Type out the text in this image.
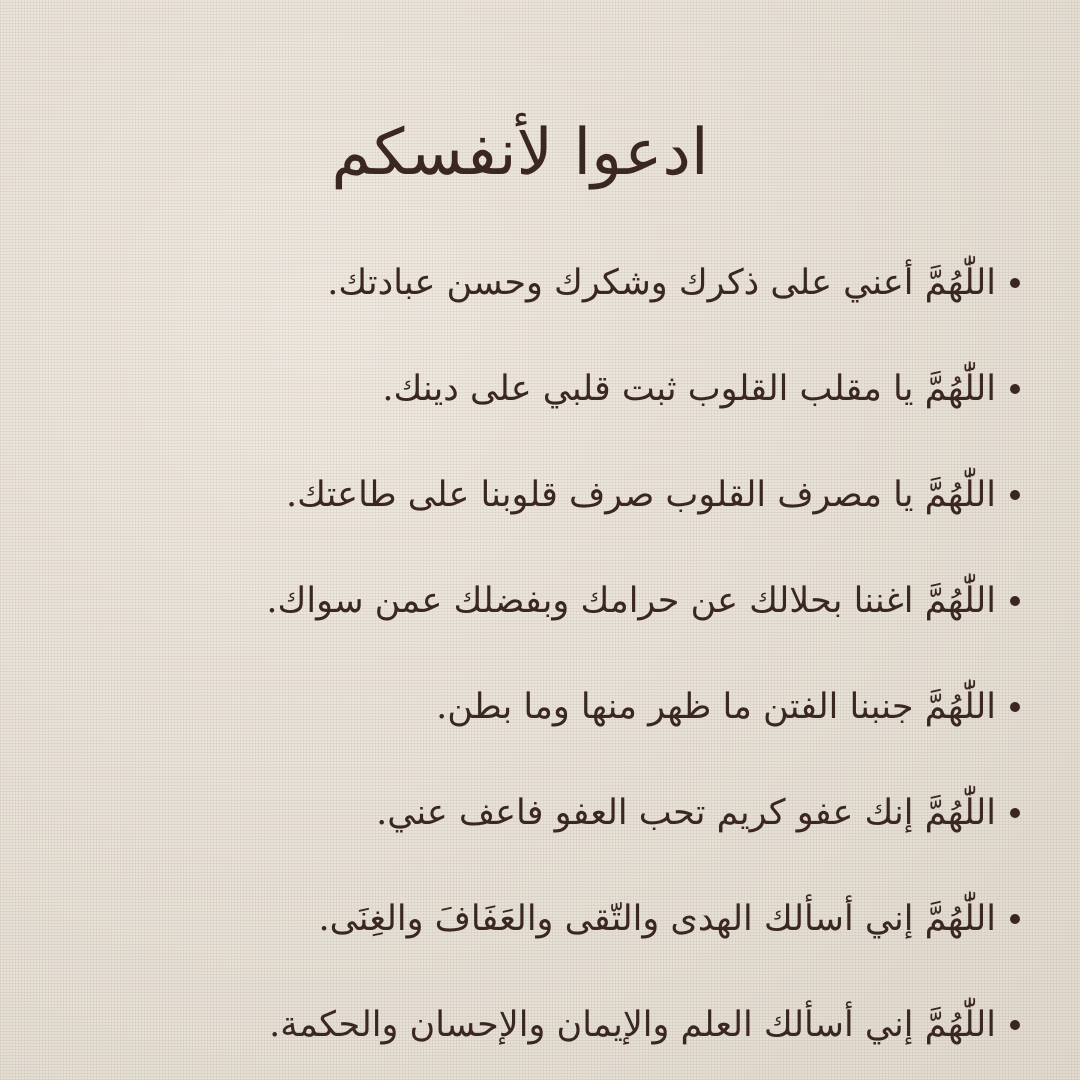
ادعوا لأنفسكم
اللّٰهُمَّ أعني على ذكرك وشكرك وحسن عبادتك.
اللّٰهُمَّ يا مقلب القلوب ثبت قلبي على دينك.
اللّٰهُمَّ يا مصرف القلوب صرف قلوبنا على طاعتك.
اللّٰهُمَّ اغننا بحلالك عن حرامك وبفضلك عمن سواك.
اللّٰهُمَّ جنبنا الفتن ما ظهر منها وما بطن.
اللّٰهُمَّ إنك عفو كريم تحب العفو فاعف عني.
اللّٰهُمَّ إني أسألك الهدى والتّقى والعَفَافَ والغِنَى.
اللّٰهُمَّ إني أسألك العلم والإيمان والإحسان والحكمة.
